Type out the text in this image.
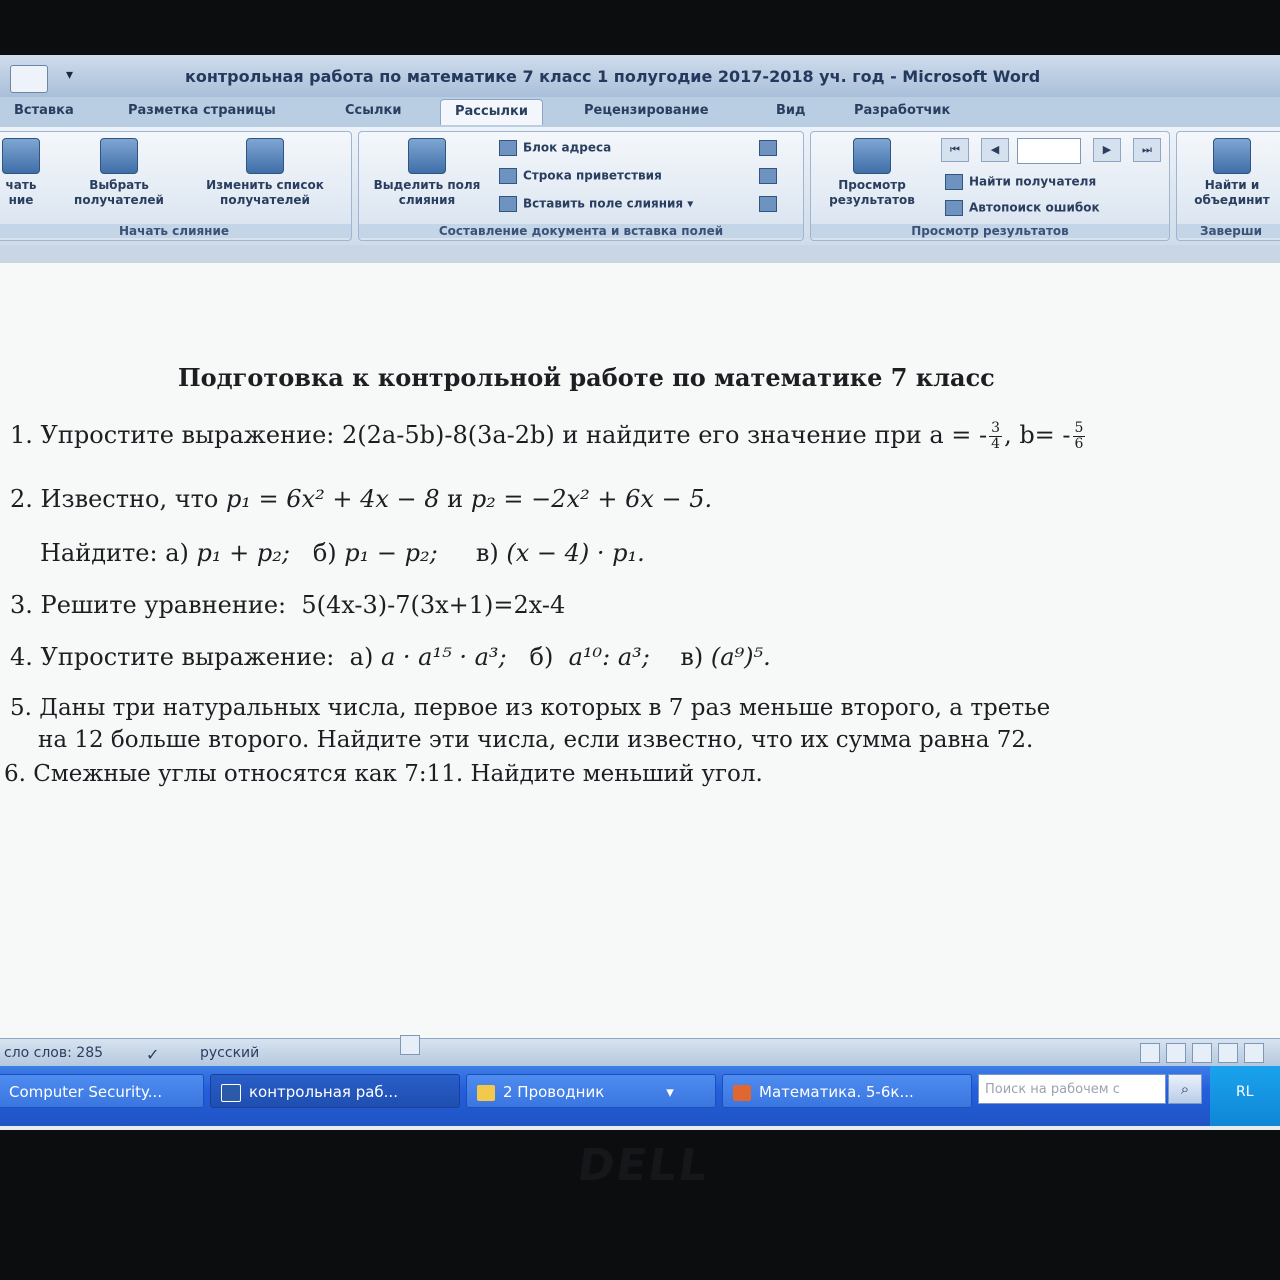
▾	контрольная работа по математике 7 класс 1 полугодие 2017-2018 уч. год - Microsoft Word
Вставка	Разметка страницы	Ссылки	Рассылки	Рецензирование	Вид	Разработчик
чать
ние
Выбрать получателей
Изменить список получателей
Начать слияние
Выделить поля слияния
Блок адреса
Строка приветствия
Вставить поле слияния ▾
Составление документа и вставка полей
Просмотр результатов
⏮	◀	▶	⏭
Найти получателя
Автопоиск ошибок
Просмотр результатов
Найти и объединит
Заверши
Подготовка к контрольной работе по математике 7 класс
1. Упростите выражение: 2(2a-5b)-8(3a-2b) и найдите его значение при a = - $\frac{3}{4}$ , $b= - \frac{5}{6}$
2. Известно, что p₁ = 6x² + 4x − 8 и p₂ = −2x² + 6x − 5.
Найдите: а) p₁ + p₂; б) p₁ − p₂; в) (x − 4) · p₁.
3. Решите уравнение: 5(4x-3)-7(3x+1)=2x-4
4. Упростите выражение: а) a · a¹⁵ · a³; б) a¹⁰: a³; в) (a⁹)⁵.
5. Даны три натуральных числа, первое из которых в 7 раз меньше второго, а третье
на 12 больше второго. Найдите эти числа, если известно, что их сумма равна 72.
6. Смежные углы относятся как 7:11. Найдите меньший угол.
сло слов: 285	✓	русский
Computer Security...	контрольная раб...	2 Проводник             ▾	Математика. 5-6к...	Поиск на рабочем с	⌕	RL
DELL
